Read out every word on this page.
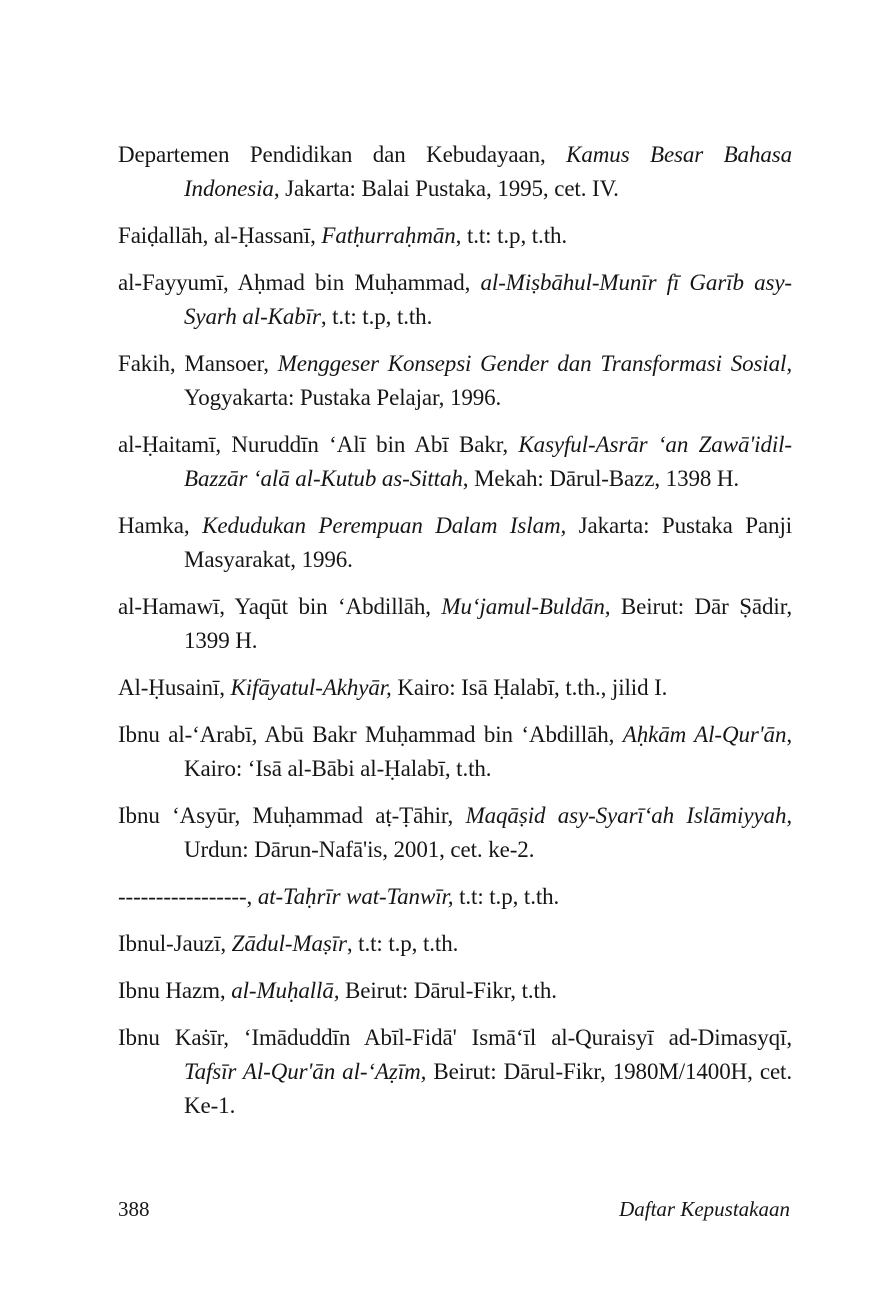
Departemen Pendidikan dan Kebudayaan, Kamus Besar Bahasa Indonesia, Jakarta: Balai Pustaka, 1995, cet. IV.

Faiḍallāh, al-Ḥassanī, Fatḥurraḥmān, t.t: t.p, t.th.

al-Fayyumī, Aḥmad bin Muḥammad, al-Miṣbāhul-Munīr fī Garīb asy-Syarh al-Kabīr, t.t: t.p, t.th.

Fakih, Mansoer, Menggeser Konsepsi Gender dan Transformasi Sosial, Yogyakarta: Pustaka Pelajar, 1996.

al-Ḥaitamī, Nuruddīn ‘Alī bin Abī Bakr, Kasyful-Asrār ‘an Zawā'idil-Bazzār ‘alā al-Kutub as-Sittah, Mekah: Dārul-Bazz, 1398 H.

Hamka, Kedudukan Perempuan Dalam Islam, Jakarta: Pustaka Panji Masyarakat, 1996.

al-Hamawī, Yaqūt bin ‘Abdillāh, Mu‘jamul-Buldān, Beirut: Dār Ṣādir, 1399 H.

Al-Ḥusainī, Kifāyatul-Akhyār, Kairo: Isā Ḥalabī, t.th., jilid I.

Ibnu al-‘Arabī, Abū Bakr Muḥammad bin ‘Abdillāh, Aḥkām Al-Qur'ān, Kairo: ‘Isā al-Bābi al-Ḥalabī, t.th.

Ibnu ‘Asyūr, Muḥammad aṭ-Ṭāhir, Maqāṣid asy-Syarī‘ah Islāmiyyah, Urdun: Dārun-Nafā'is, 2001, cet. ke-2.

-----------------, at-Taḥrīr wat-Tanwīr, t.t: t.p, t.th.

Ibnul-Jauzī, Zādul-Maṣīr, t.t: t.p, t.th.

Ibnu Hazm, al-Muḥallā, Beirut: Dārul-Fikr, t.th.

Ibnu Kaṡīr, ‘Imāduddīn Abīl-Fidā' Ismā‘īl al-Quraisyī ad-Dimasyqī, Tafsīr Al-Qur'ān al-‘Aẓīm, Beirut: Dārul-Fikr, 1980M/1400H, cet. Ke-1.

388	Daftar Kepustakaan
